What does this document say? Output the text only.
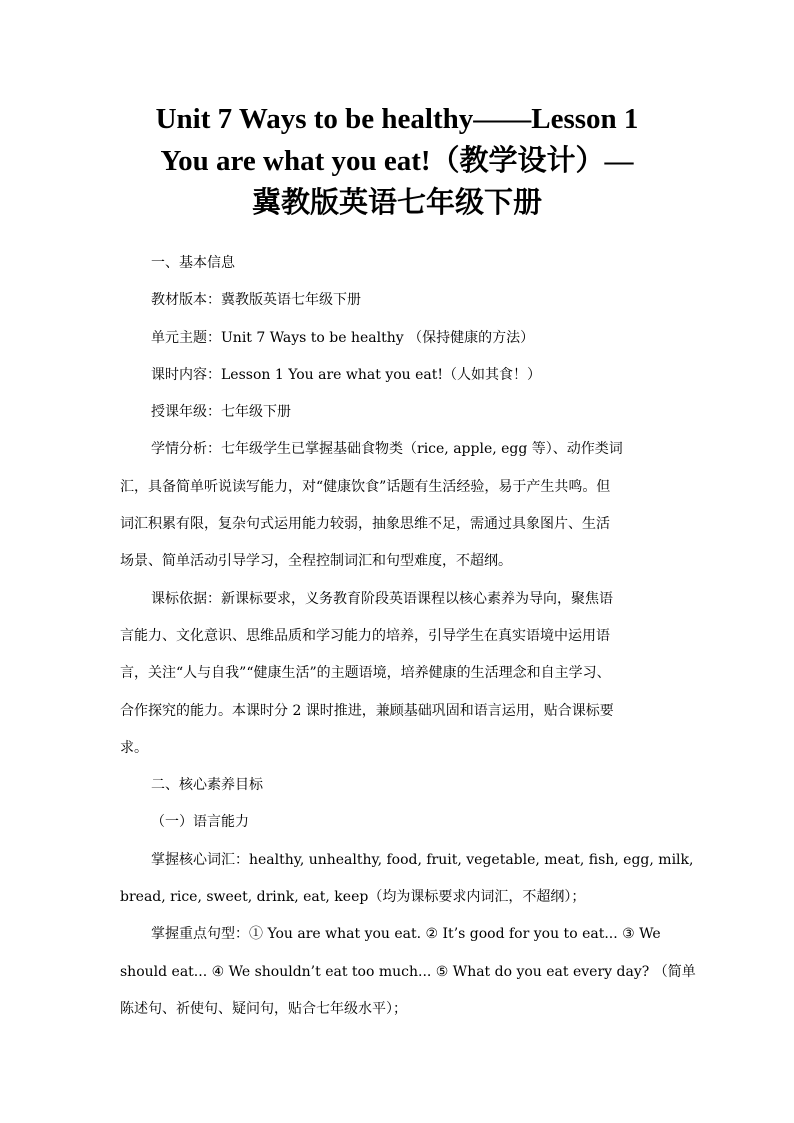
Unit 7 Ways to be healthy——Lesson 1
You are what you eat!（教学设计）—
冀教版英语七年级下册

一、基本信息

教材版本：冀教版英语七年级下册

单元主题：Unit 7 Ways to be healthy （保持健康的方法）

课时内容：Lesson 1 You are what you eat!（人如其食！）

授课年级：七年级下册

学情分析：七年级学生已掌握基础食物类（rice, apple, egg 等）、动作类词
汇，具备简单听说读写能力，对“健康饮食”话题有生活经验，易于产生共鸣。但
词汇积累有限，复杂句式运用能力较弱，抽象思维不足，需通过具象图片、生活
场景、简单活动引导学习，全程控制词汇和句型难度，不超纲。

课标依据：新课标要求，义务教育阶段英语课程以核心素养为导向，聚焦语
言能力、文化意识、思维品质和学习能力的培养，引导学生在真实语境中运用语
言，关注“人与自我”“健康生活”的主题语境，培养健康的生活理念和自主学习、
合作探究的能力。本课时分 2 课时推进，兼顾基础巩固和语言运用，贴合课标要
求。

二、核心素养目标

（一）语言能力

掌握核心词汇：healthy, unhealthy, food, fruit, vegetable, meat, fish, egg, milk,
bread, rice, sweet, drink, eat, keep（均为课标要求内词汇，不超纲）；

掌握重点句型：① You are what you eat. ② It’s good for you to eat... ③ We
should eat... ④ We shouldn’t eat too much... ⑤ What do you eat every day? （简单
陈述句、祈使句、疑问句，贴合七年级水平）；
